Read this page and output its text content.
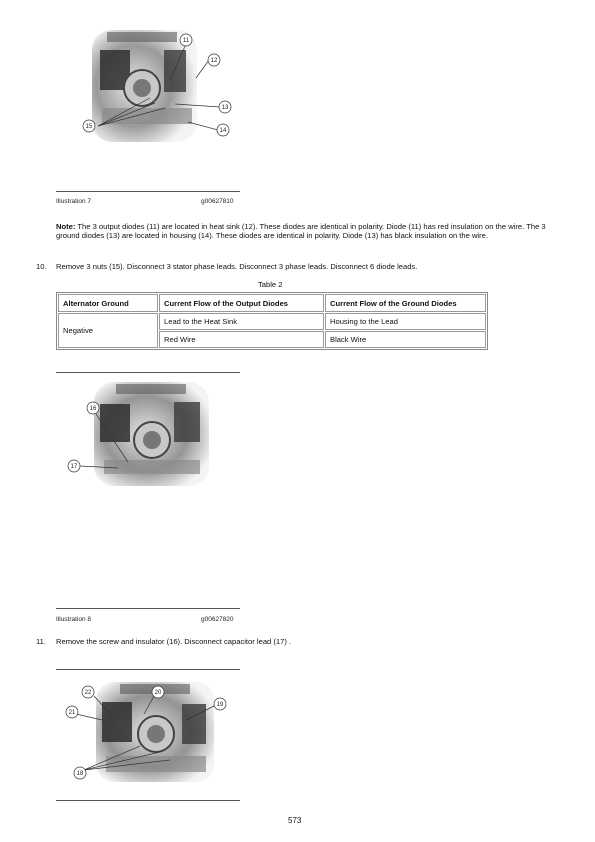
11
12
13
14
15
Illustration 7	g00627810
Note: The 3 output diodes (11) are located in heat sink (12). These diodes are identical in polarity. Diode (11) has red insulation on the wire. The 3 ground diodes (13) are located in housing (14). These diodes are identical in polarity. Diode (13) has black insulation on the wire.
10. Remove 3 nuts (15). Disconnect 3 stator phase leads. Disconnect 3 phase leads. Disconnect 6 diode leads.
Table 2
Alternator Ground	Current Flow of the Output Diodes	Current Flow of the Ground Diodes
Negative	Lead to the Heat Sink	Housing to the Lead
	Red Wire	Black Wire
16
17
Illustration 8	g00627820
11. Remove the screw and insulator (16). Disconnect capacitor lead (17) .
22	20
19
21
18
573
